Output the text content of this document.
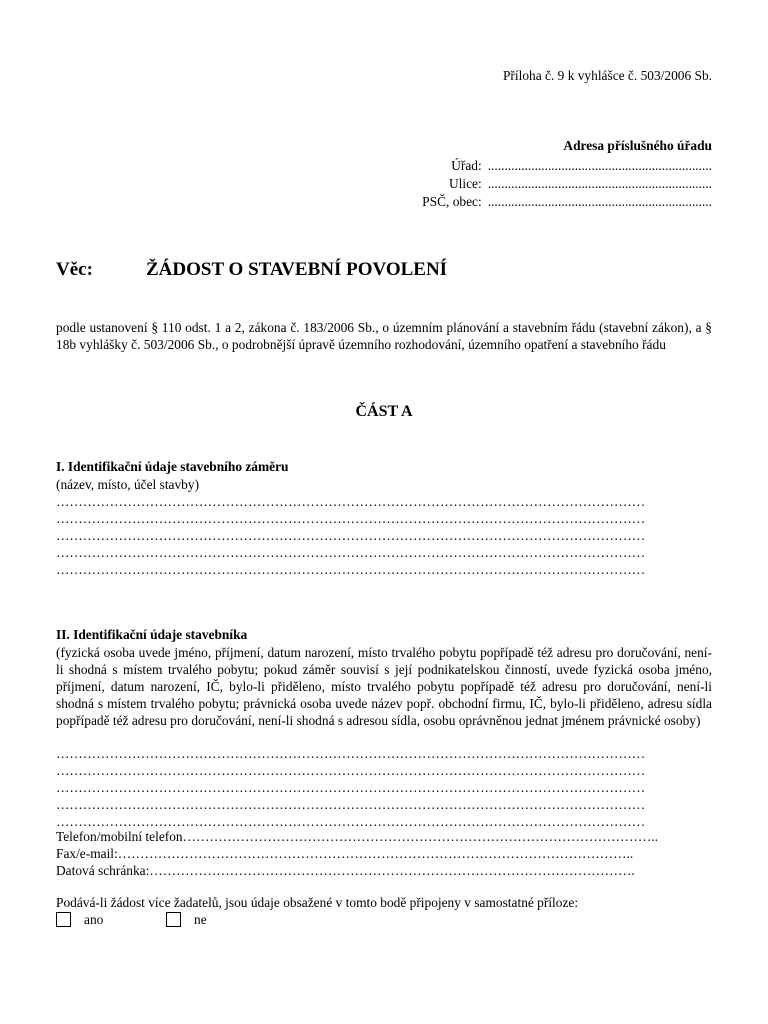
Příloha č. 9 k vyhlášce č. 503/2006 Sb.
Adresa příslušného úřadu
Úřad:	...................................................................
Ulice:	...................................................................
PSČ, obec:	...................................................................
Věc:	ŽÁDOST O STAVEBNÍ POVOLENÍ
podle ustanovení § 110 odst. 1 a 2, zákona č. 183/2006 Sb., o územním plánování a stavebním řádu (stavební zákon), a § 18b vyhlášky č. 503/2006 Sb., o podrobnější úpravě územního rozhodování, územního opatření a stavebního řádu
ČÁST A
I. Identifikační údaje stavebního záměru
(název, místo, účel stavby)
……………………………………………………………………………………………………………………
……………………………………………………………………………………………………………………
……………………………………………………………………………………………………………………
……………………………………………………………………………………………………………………
……………………………………………………………………………………………………………………
II. Identifikační údaje stavebníka
(fyzická osoba uvede jméno, příjmení, datum narození, místo trvalého pobytu popřípadě též adresu pro doručování, není-li shodná s místem trvalého pobytu; pokud záměr souvisí s její podnikatelskou činností, uvede fyzická osoba jméno, příjmení, datum narození, IČ, bylo-li přiděleno, místo trvalého pobytu popřípadě též adresu pro doručování, není-li shodná s místem trvalého pobytu; právnická osoba uvede název popř. obchodní firmu, IČ, bylo-li přiděleno, adresu sídla popřípadě též adresu pro doručování, není-li shodná s adresou sídla, osobu oprávněnou jednat jménem právnické osoby)
……………………………………………………………………………………………………………………
……………………………………………………………………………………………………………………
……………………………………………………………………………………………………………………
……………………………………………………………………………………………………………………
……………………………………………………………………………………………………………………
Telefon/mobilní telefon……………………………………………………………………………………………..
Fax/e-mail:……………………………………………………………………………………………………..
Datová schránka:……………………………………………………………………………………………….
Podává-li žádost více žadatelů, jsou údaje obsažené v tomto bodě připojeny v samostatné příloze:
ano	ne
